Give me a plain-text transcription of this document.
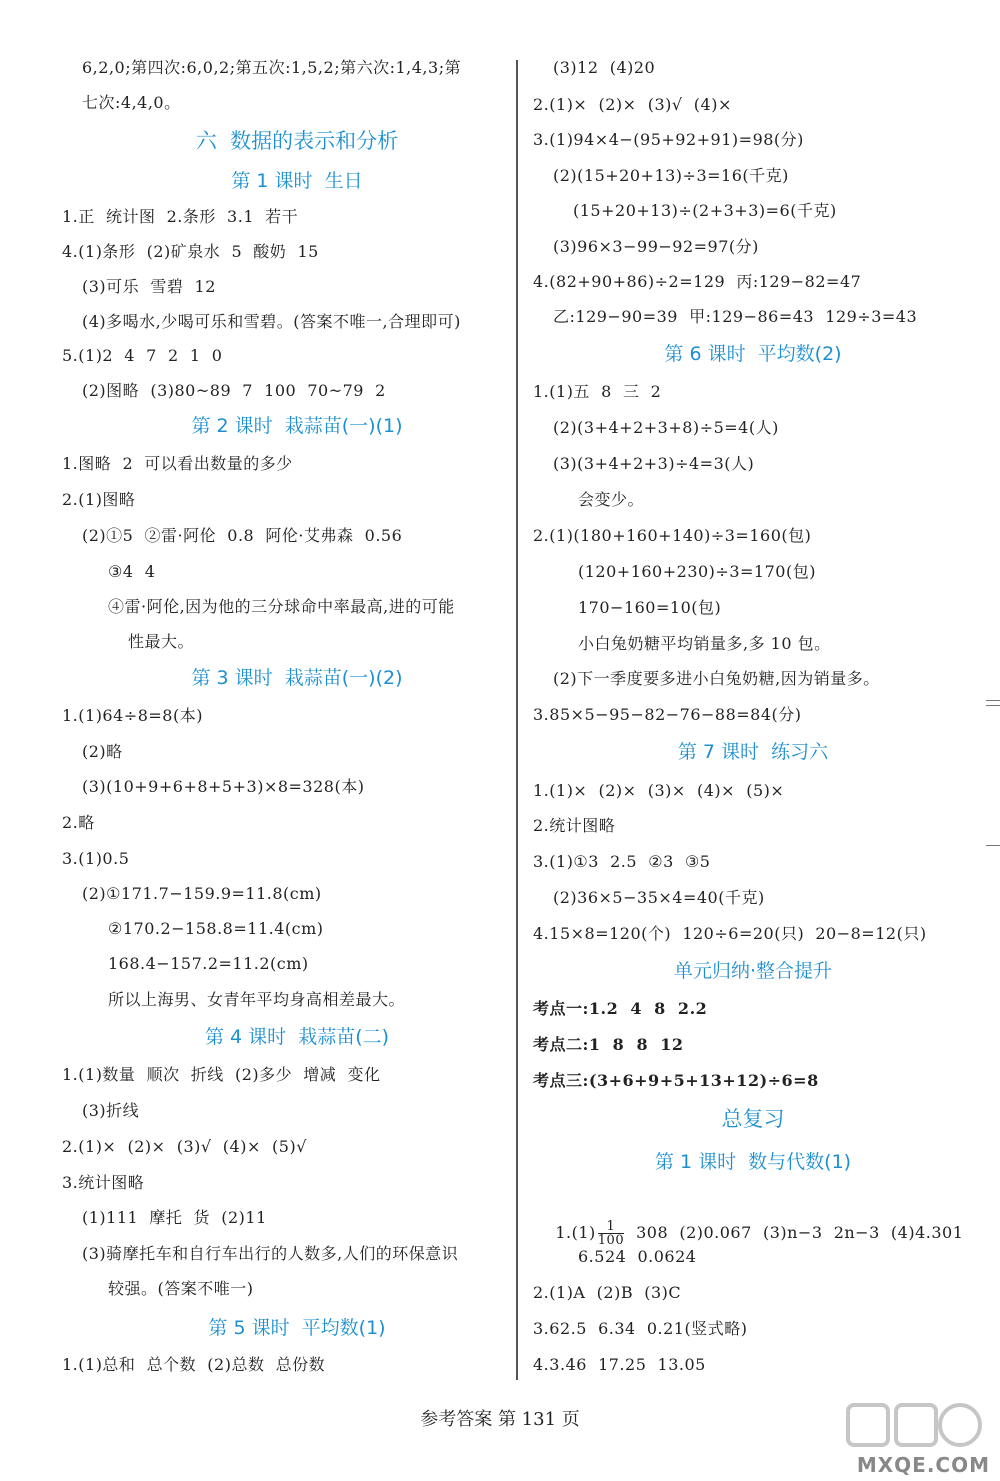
6,2,0;第四次:6,0,2;第五次:1,5,2;第六次:1,4,3;第
七次:4,4,0。
六  数据的表示和分析
第 1 课时  生日
1.正  统计图  2.条形  3.1  若干
4.(1)条形  (2)矿泉水  5  酸奶  15
(3)可乐  雪碧  12
(4)多喝水,少喝可乐和雪碧。(答案不唯一,合理即可)
5.(1)2  4  7  2  1  0
(2)图略  (3)80~89  7  100  70~79  2
第 2 课时  栽蒜苗(一)(1)
1.图略  2  可以看出数量的多少
2.(1)图略
(2)①5  ②雷·阿伦  0.8  阿伦·艾弗森  0.56
③4  4
④雷·阿伦,因为他的三分球命中率最高,进的可能
性最大。
第 3 课时  栽蒜苗(一)(2)
1.(1)64÷8=8(本)
(2)略
(3)(10+9+6+8+5+3)×8=328(本)
2.略
3.(1)0.5
(2)①171.7−159.9=11.8(cm)
②170.2−158.8=11.4(cm)
168.4−157.2=11.2(cm)
所以上海男、女青年平均身高相差最大。
第 4 课时  栽蒜苗(二)
1.(1)数量  顺次  折线  (2)多少  增减  变化
(3)折线
2.(1)×  (2)×  (3)√  (4)×  (5)√
3.统计图略
(1)111  摩托  货  (2)11
(3)骑摩托车和自行车出行的人数多,人们的环保意识
较强。(答案不唯一)
第 5 课时  平均数(1)
1.(1)总和  总个数  (2)总数  总份数
(3)12  (4)20
2.(1)×  (2)×  (3)√  (4)×
3.(1)94×4−(95+92+91)=98(分)
(2)(15+20+13)÷3=16(千克)
(15+20+13)÷(2+3+3)=6(千克)
(3)96×3−99−92=97(分)
4.(82+90+86)÷2=129  丙:129−82=47
乙:129−90=39  甲:129−86=43  129÷3=43
第 6 课时  平均数(2)
1.(1)五  8  三  2
(2)(3+4+2+3+8)÷5=4(人)
(3)(3+4+2+3)÷4=3(人)
会变少。
2.(1)(180+160+140)÷3=160(包)
(120+160+230)÷3=170(包)
170−160=10(包)
小白兔奶糖平均销量多,多 10 包。
(2)下一季度要多进小白兔奶糖,因为销量多。
3.85×5−95−82−76−88=84(分)
第 7 课时  练习六
1.(1)×  (2)×  (3)×  (4)×  (5)×
2.统计图略
3.(1)①3  2.5  ②3  ③5
(2)36×5−35×4=40(千克)
4.15×8=120(个)  120÷6=20(只)  20−8=12(只)
单元归纳·整合提升
考点一:1.2  4  8  2.2
考点二:1  8  8  12
考点三:(3+6+9+5+13+12)÷6=8
总复习
第 1 课时  数与代数(1)

$1.(1) \frac{1}{100} 308$  (2)0.067  (3)n−3  2n−3  (4)4.301

6.524  0.0624
2.(1)A  (2)B  (3)C
3.62.5  6.34  0.21(竖式略)
4.3.46  17.25  13.05
参考答案 第 131 页
MXQE.COM
